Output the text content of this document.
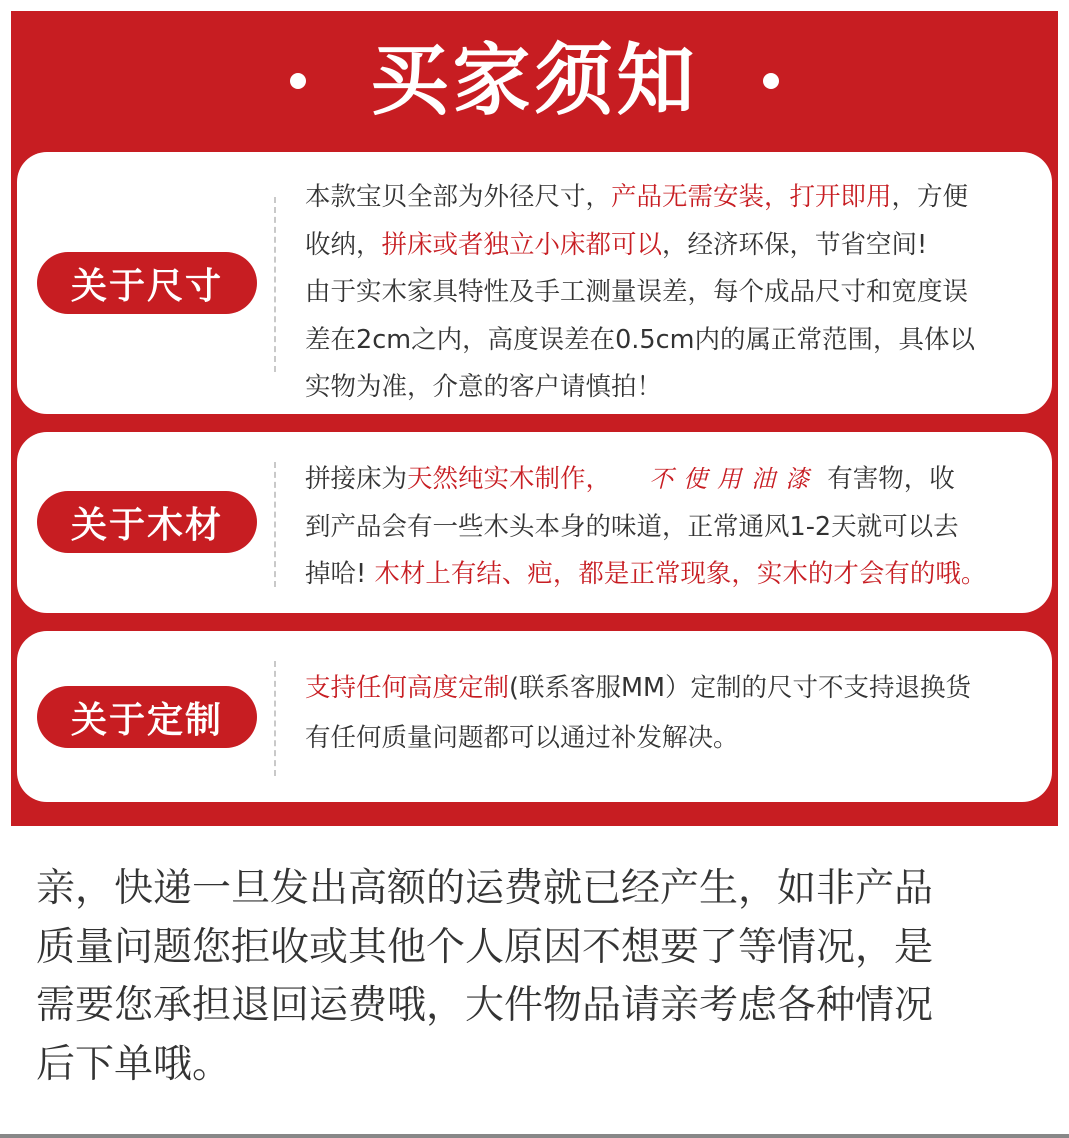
买家须知
关于尺寸
本款宝贝全部为外径尺寸，产品无需安装，打开即用，方便
收纳，拼床或者独立小床都可以，经济环保，节省空间!
由于实木家具特性及手工测量误差，每个成品尺寸和宽度误
差在2cm之内，高度误差在0.5cm内的属正常范围，具体以
实物为准，介意的客户请慎拍！
关于木材
拼接床为天然纯实木制作， 不使用油漆 有害物，收
到产品会有一些木头本身的味道，正常通风1-2天就可以去
掉哈! 木材上有结、疤，都是正常现象，实木的才会有的哦。
关于定制
支持任何高度定制(联系客服MM）定制的尺寸不支持退换货
有任何质量问题都可以通过补发解决。
亲，快递一旦发出高额的运费就已经产生，如非产品
质量问题您拒收或其他个人原因不想要了等情况，是
需要您承担退回运费哦，大件物品请亲考虑各种情况
后下单哦。
